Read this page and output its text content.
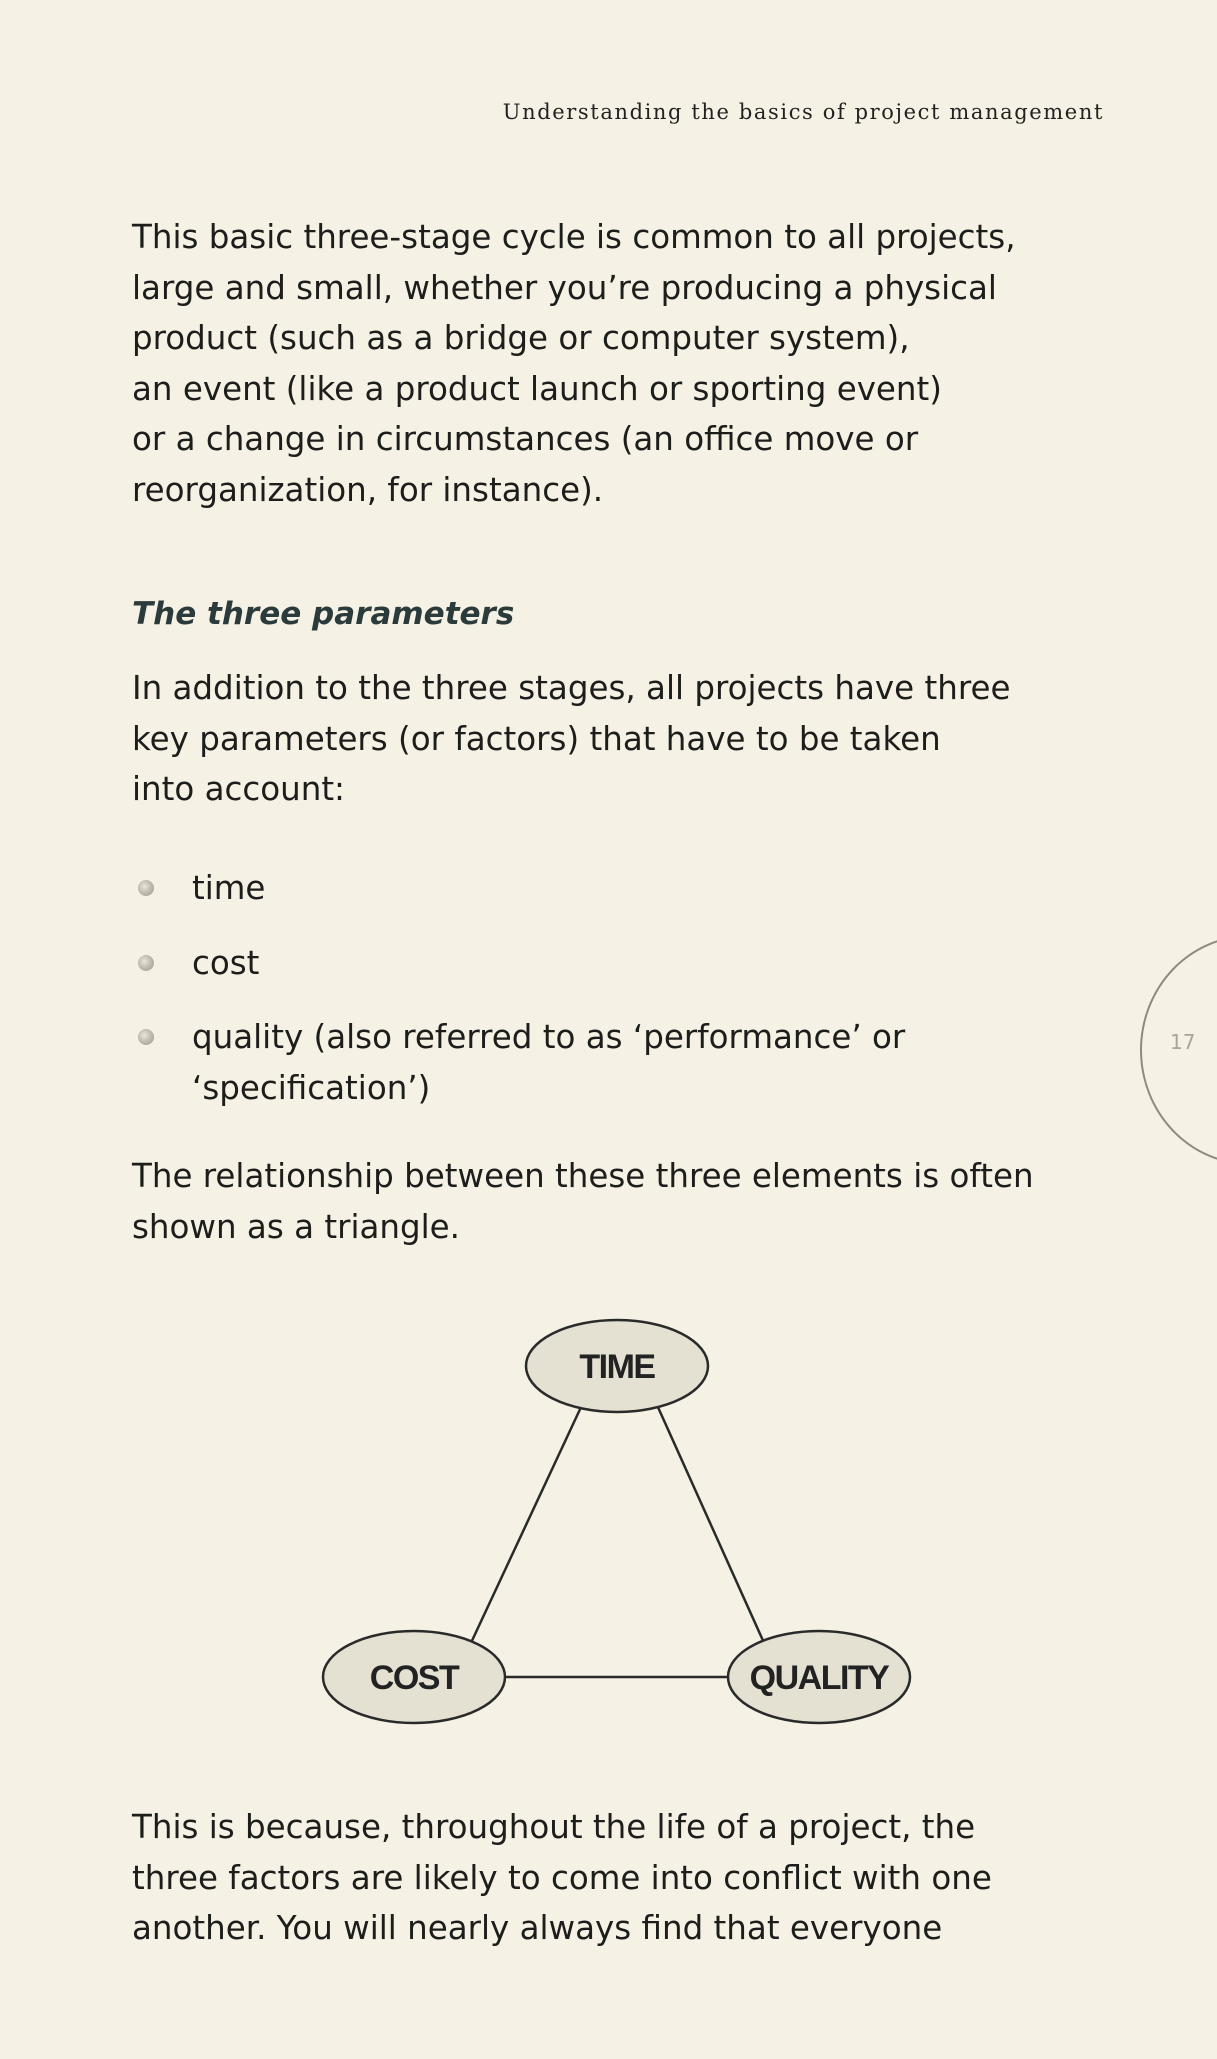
Understanding the basics of project management

This basic three-stage cycle is common to all projects,
large and small, whether you’re producing a physical
product (such as a bridge or computer system),
an event (like a product launch or sporting event)
or a change in circumstances (an office move or
reorganization, for instance).

The three parameters

In addition to the three stages, all projects have three
key parameters (or factors) that have to be taken
into account:

time
cost
quality (also referred to as ‘performance’ or
‘specification’)

The relationship between these three elements is often
shown as a triangle.

TIME
COST	QUALITY

This is because, throughout the life of a project, the
three factors are likely to come into conflict with one
another. You will nearly always find that everyone

17
